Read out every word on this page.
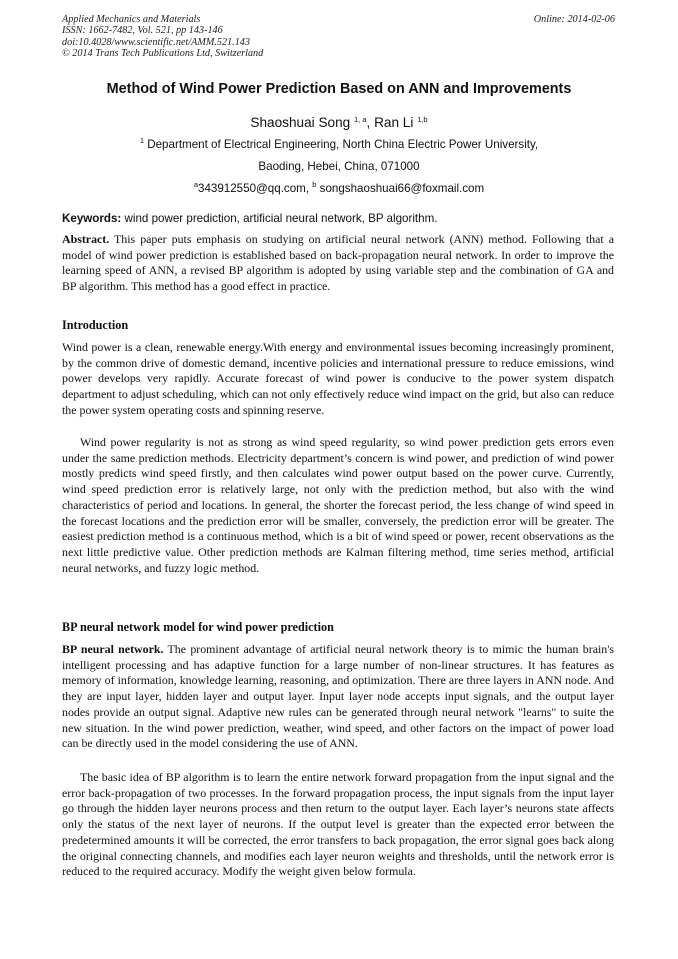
Applied Mechanics and Materials
ISSN: 1662-7482, Vol. 521, pp 143-146
doi:10.4028/www.scientific.net/AMM.521.143
© 2014 Trans Tech Publications Ltd, Switzerland
Online: 2014-02-06
Method of Wind Power Prediction Based on ANN and Improvements
Shaoshuai Song $^{1, a}$, Ran Li $^{1,b}$
$^1$ Department of Electrical Engineering, North China Electric Power University,
Baoding, Hebei, China, 071000
$^a$343912550@qq.com, $^b$ songshaoshuai66@foxmail.com
Keywords: wind power prediction, artificial neural network, BP algorithm.
Abstract. This paper puts emphasis on studying on artificial neural network (ANN) method. Following that a model of wind power prediction is established based on back-propagation neural network. In order to improve the learning speed of ANN, a revised BP algorithm is adopted by using variable step and the combination of GA and BP algorithm. This method has a good effect in practice.
Introduction
Wind power is a clean, renewable energy.With energy and environmental issues becoming increasingly prominent, by the common drive of domestic demand, incentive policies and international pressure to reduce emissions, wind power develops very rapidly. Accurate forecast of wind power is conducive to the power system dispatch department to adjust scheduling, which can not only effectively reduce wind impact on the grid, but also can reduce the power system operating costs and spinning reserve.
Wind power regularity is not as strong as wind speed regularity, so wind power prediction gets errors even under the same prediction methods. Electricity department’s concern is wind power, and prediction of wind power mostly predicts wind speed firstly, and then calculates wind power output based on the power curve. Currently, wind speed prediction error is relatively large, not only with the prediction method, but also with the wind characteristics of period and locations. In general, the shorter the forecast period, the less change of wind speed in the forecast locations and the prediction error will be smaller, conversely, the prediction error will be greater. The easiest prediction method is a continuous method, which is a bit of wind speed or power, recent observations as the next little predictive value. Other prediction methods are Kalman filtering method, time series method, artificial neural networks, and fuzzy logic method.
BP neural network model for wind power prediction
BP neural network. The prominent advantage of artificial neural network theory is to mimic the human brain's intelligent processing and has adaptive function for a large number of non-linear structures. It has features as memory of information, knowledge learning, reasoning, and optimization. There are three layers in ANN node. And they are input layer, hidden layer and output layer. Input layer node accepts input signals, and the output layer nodes provide an output signal. Adaptive new rules can be generated through neural network "learns" to suite the new situation. In the wind power prediction, weather, wind speed, and other factors on the impact of power load can be directly used in the model considering the use of ANN.
The basic idea of BP algorithm is to learn the entire network forward propagation from the input signal and the error back-propagation of two processes. In the forward propagation process, the input signals from the input layer go through the hidden layer neurons process and then return to the output layer. Each layer’s neurons state affects only the status of the next layer of neurons. If the output level is greater than the expected error between the predetermined amounts it will be corrected, the error transfers to back propagation, the error signal goes back along the original connecting channels, and modifies each layer neuron weights and thresholds, until the network error is reduced to the required accuracy. Modify the weight given below formula.
